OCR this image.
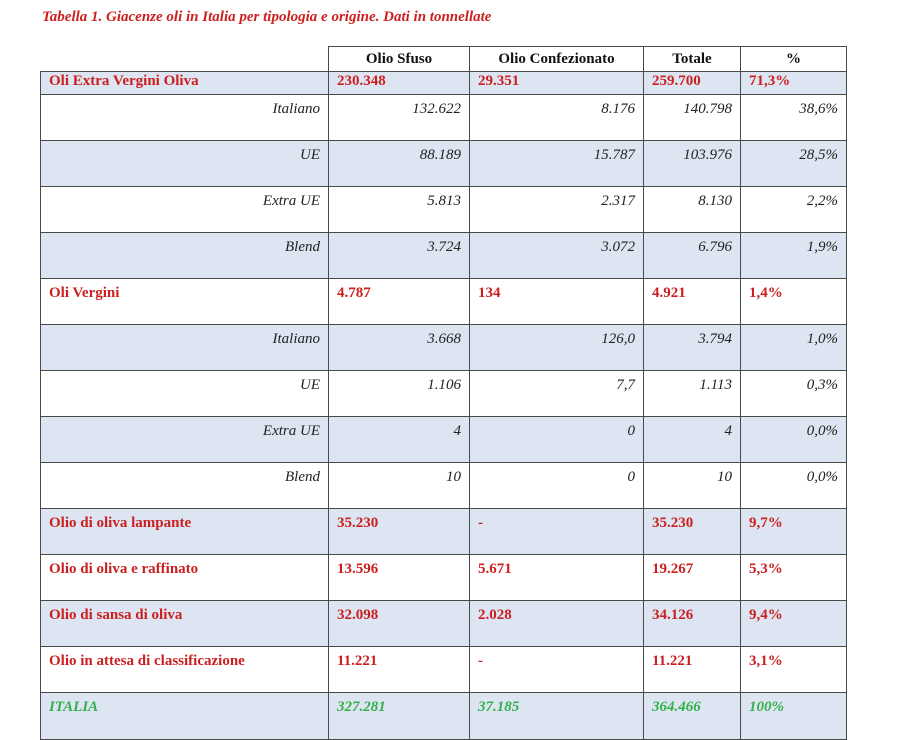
Tabella 1. Giacenze oli in Italia per tipologia e origine. Dati in tonnellate
	Olio Sfuso	Olio Confezionato	Totale	%
Oli Extra Vergini Oliva	230.348	29.351	259.700	71,3%
Italiano	132.622	8.176	140.798	38,6%
UE	88.189	15.787	103.976	28,5%
Extra UE	5.813	2.317	8.130	2,2%
Blend	3.724	3.072	6.796	1,9%
Oli Vergini	4.787	134	4.921	1,4%
Italiano	3.668	126,0	3.794	1,0%
UE	1.106	7,7	1.113	0,3%
Extra UE	4	0	4	0,0%
Blend	10	0	10	0,0%
Olio di oliva lampante	35.230	-	35.230	9,7%
Olio di oliva e raffinato	13.596	5.671	19.267	5,3%
Olio di sansa di oliva	32.098	2.028	34.126	9,4%
Olio in attesa di classificazione	11.221	-	11.221	3,1%
ITALIA	327.281	37.185	364.466	100%
